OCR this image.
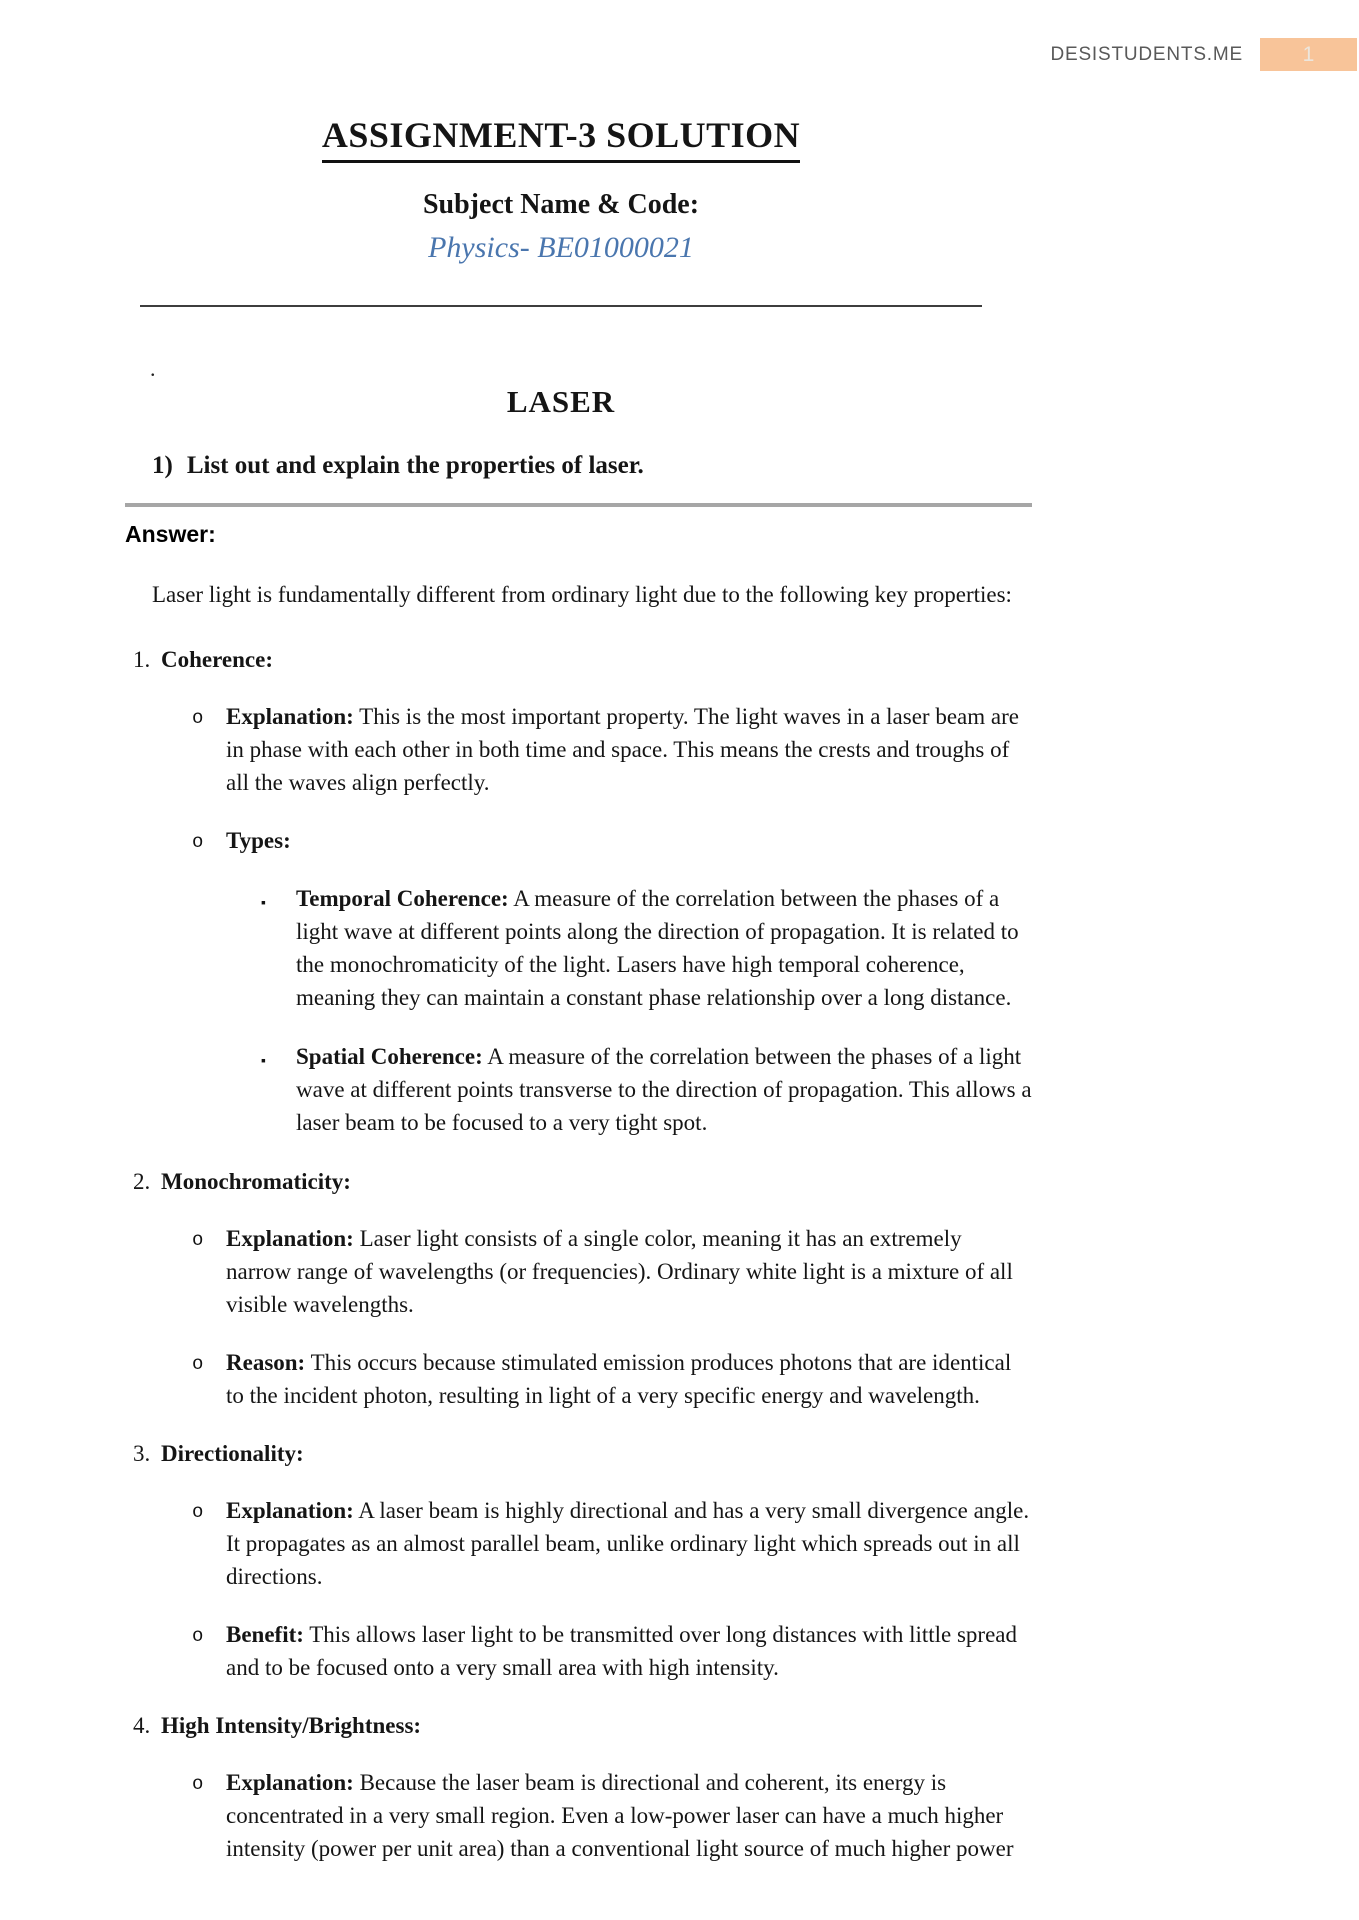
DESISTUDENTS.ME	1
ASSIGNMENT-3 SOLUTION
Subject Name & Code:
Physics- BE01000021
.
LASER
1) List out and explain the properties of laser.
Answer:
Laser light is fundamentally different from ordinary light due to the following key properties:
1. Coherence:
o Explanation: This is the most important property. The light waves in a laser beam are in phase with each other in both time and space. This means the crests and troughs of all the waves align perfectly.
o Types:
▪ Temporal Coherence: A measure of the correlation between the phases of a light wave at different points along the direction of propagation. It is related to the monochromaticity of the light. Lasers have high temporal coherence, meaning they can maintain a constant phase relationship over a long distance.
▪ Spatial Coherence: A measure of the correlation between the phases of a light wave at different points transverse to the direction of propagation. This allows a laser beam to be focused to a very tight spot.
2. Monochromaticity:
o Explanation: Laser light consists of a single color, meaning it has an extremely narrow range of wavelengths (or frequencies). Ordinary white light is a mixture of all visible wavelengths.
o Reason: This occurs because stimulated emission produces photons that are identical to the incident photon, resulting in light of a very specific energy and wavelength.
3. Directionality:
o Explanation: A laser beam is highly directional and has a very small divergence angle. It propagates as an almost parallel beam, unlike ordinary light which spreads out in all directions.
o Benefit: This allows laser light to be transmitted over long distances with little spread and to be focused onto a very small area with high intensity.
4. High Intensity/Brightness:
o Explanation: Because the laser beam is directional and coherent, its energy is concentrated in a very small region. Even a low-power laser can have a much higher intensity (power per unit area) than a conventional light source of much higher power
